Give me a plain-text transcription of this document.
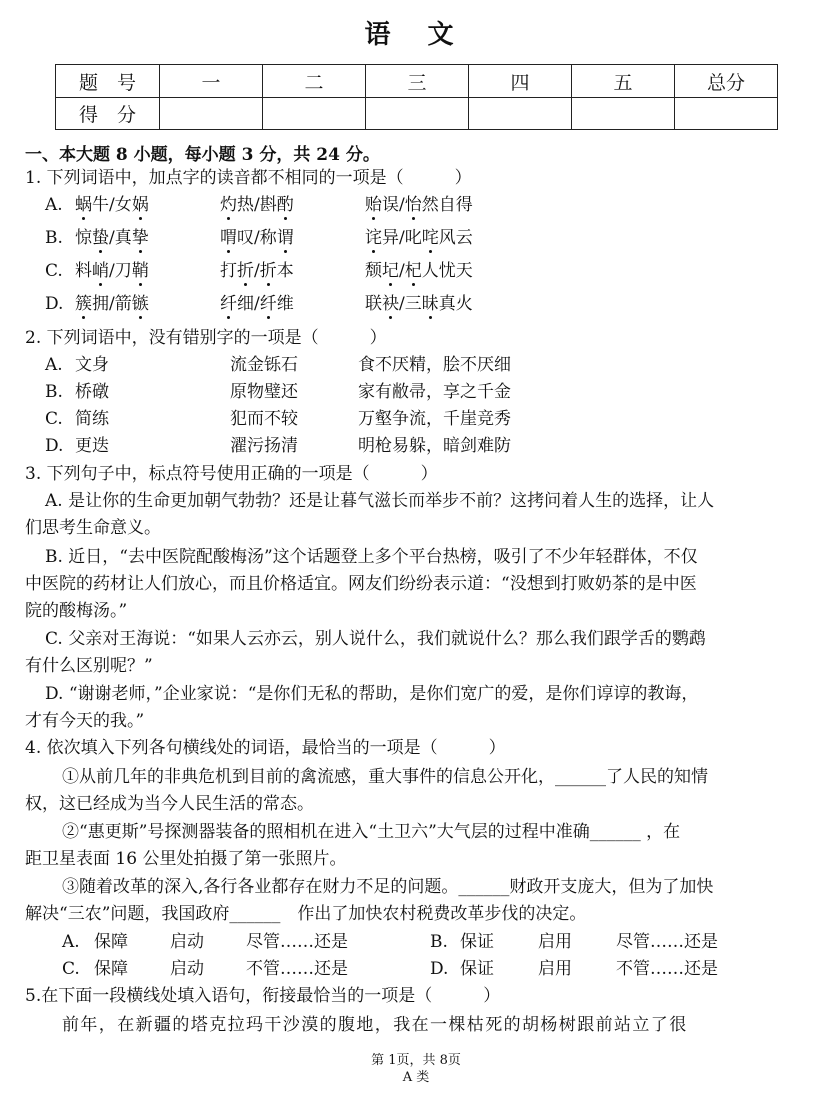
语 文
题　号	一	二	三	四	五	总分
得　分						
一、本大题 8 小题，每小题 3 分，共 24 分。
1. 下列词语中，加点字的读音都不相同的一项是（　　　）
A. 蜗牛/女娲	灼热/斟酌	贻误/怡然自得
B. 惊蛰/真挚	喟叹/称谓	诧异/叱咤风云
C. 料峭/刀鞘	打折/折本	颓圮/杞人忧天
D. 簇拥/箭镞	纤细/纤维	联袂/三昧真火
2. 下列词语中，没有错别字的一项是（　　　）
A. 文身	流金铄石	食不厌精，脍不厌细
B. 桥礅	原物璧还	家有敝帚，享之千金
C. 简练	犯而不较	万壑争流，千崖竞秀
D. 更迭	濯污扬清	明枪易躲，暗剑难防
3. 下列句子中，标点符号使用正确的一项是（　　　）
A. 是让你的生命更加朝气勃勃？还是让暮气滋长而举步不前？这拷问着人生的选择，让人
们思考生命意义。
B. 近日，“去中医院配酸梅汤”这个话题登上多个平台热榜，吸引了不少年轻群体，不仅
中医院的药材让人们放心，而且价格适宜。网友们纷纷表示道：“没想到打败奶茶的是中医
院的酸梅汤。”
C. 父亲对王海说：“如果人云亦云，别人说什么，我们就说什么？那么我们跟学舌的鹦鹉
有什么区别呢？”
D. “谢谢老师，”企业家说：“是你们无私的帮助，是你们宽广的爱，是你们谆谆的教诲，
才有今天的我。”
4. 依次填入下列各句横线处的词语，最恰当的一项是（　　　）
①从前几年的非典危机到目前的禽流感，重大事件的信息公开化，______了人民的知情
权，这已经成为当今人民生活的常态。
②“惠更斯”号探测器装备的照相机在进入“土卫六”大气层的过程中准确______ ，在
距卫星表面 16 公里处拍摄了第一张照片。
③随着改革的深入,各行各业都存在财力不足的问题。______财政开支庞大，但为了加快
解决“三农”问题，我国政府______　作出了加快农村税费改革步伐的决定。
A. 保障 启动 尽管……还是	B. 保证	启用	尽管……还是
C. 保障 启动 不管……还是	D. 保证	启用	不管……还是
5.在下面一段横线处填入语句，衔接最恰当的一项是（　　　）
前年，在新疆的塔克拉玛干沙漠的腹地，我在一棵枯死的胡杨树跟前站立了很
第 1页，共 8页
A 类
